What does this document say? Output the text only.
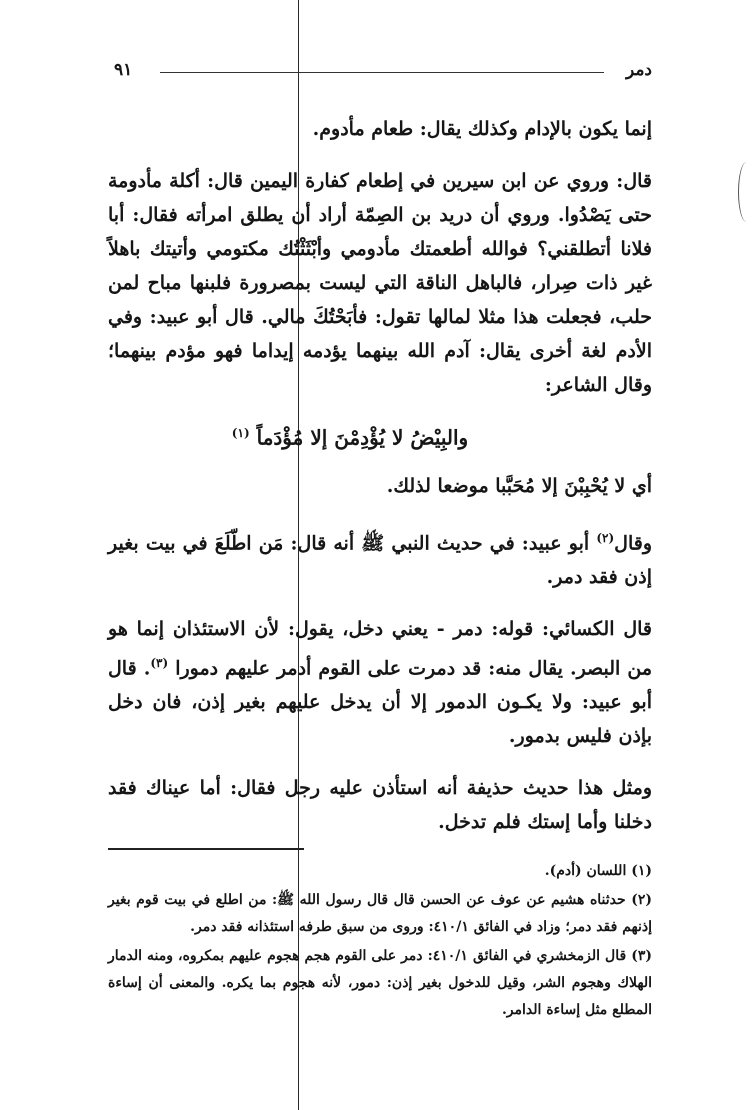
دمر
٩١

إنما يكون بالإدام وكذلك يقال: طعام مأدوم.

قال: وروي عن ابن سيرين في إطعام كفارة اليمين قال: أكلة مأدومة حتى يَصْدُوا. وروي أن دريد بن الصِمّة أراد أن يطلق امرأته فقال: أبا فلانا أتطلقني؟ فوالله أطعمتك مأدومي وأبْثَثْتُك مكتومي وأتيتك باهلاً غير ذات صِرار، فالباهل الناقة التي ليست بمصرورة فلبنها مباح لمن حلب، فجعلت هذا مثلا لمالها تقول: فأبَحْتُكَ مالي. قال أبو عبيد: وفي الأدم لغة أخرى يقال: آدم الله بينهما يؤدمه إيداما فهو مؤدم بينهما؛ وقال الشاعر:

والبِيْضُ لا يُؤْدِمْنَ إلا مُؤْدَماً $^{(١)}$

أي لا يُحْبِبْنَ إلا مُحَبَّبا موضعا لذلك.

وقال$^{(٢)}$ أبو عبيد: في حديث النبي ﷺ أنه قال: مَن اطّلَعَ في بيت بغير إذن فقد دمر.

قال الكسائي: قوله: دمر - يعني دخل، يقول: لأن الاستئذان إنما هو من البصر. يقال منه: قد دمرت على القوم أدمر عليهم دمورا $^{(٣)}$. قال أبو عبيد: ولا يكـون الدمور إلا أن يدخل عليهم بغير إذن، فان دخل بإذن فليس بدمور.

ومثل هذا حديث حذيفة أنه استأذن عليه رجل فقال: أما عيناك فقد دخلنا وأما إستك فلم تدخل.

(١) اللسان (أدم).

(٢) حدثناه هشيم عن عوف عن الحسن قال قال رسول الله ﷺ: من اطلع في بيت قوم بغير إذنهم فقد دمر؛ وزاد في الفائق ٤١٠/١: وروى من سبق طرفه استئذانه فقد دمر.

(٣) قال الزمخشري في الفائق ٤١٠/١: دمر على القوم هجم هجوم عليهم بمكروه، ومنه الدمار الهلاك وهجوم الشر، وقيل للدخول بغير إذن: دمور، لأنه هجوم بما يكره. والمعنى أن إساءة المطلع مثل إساءة الدامر.
